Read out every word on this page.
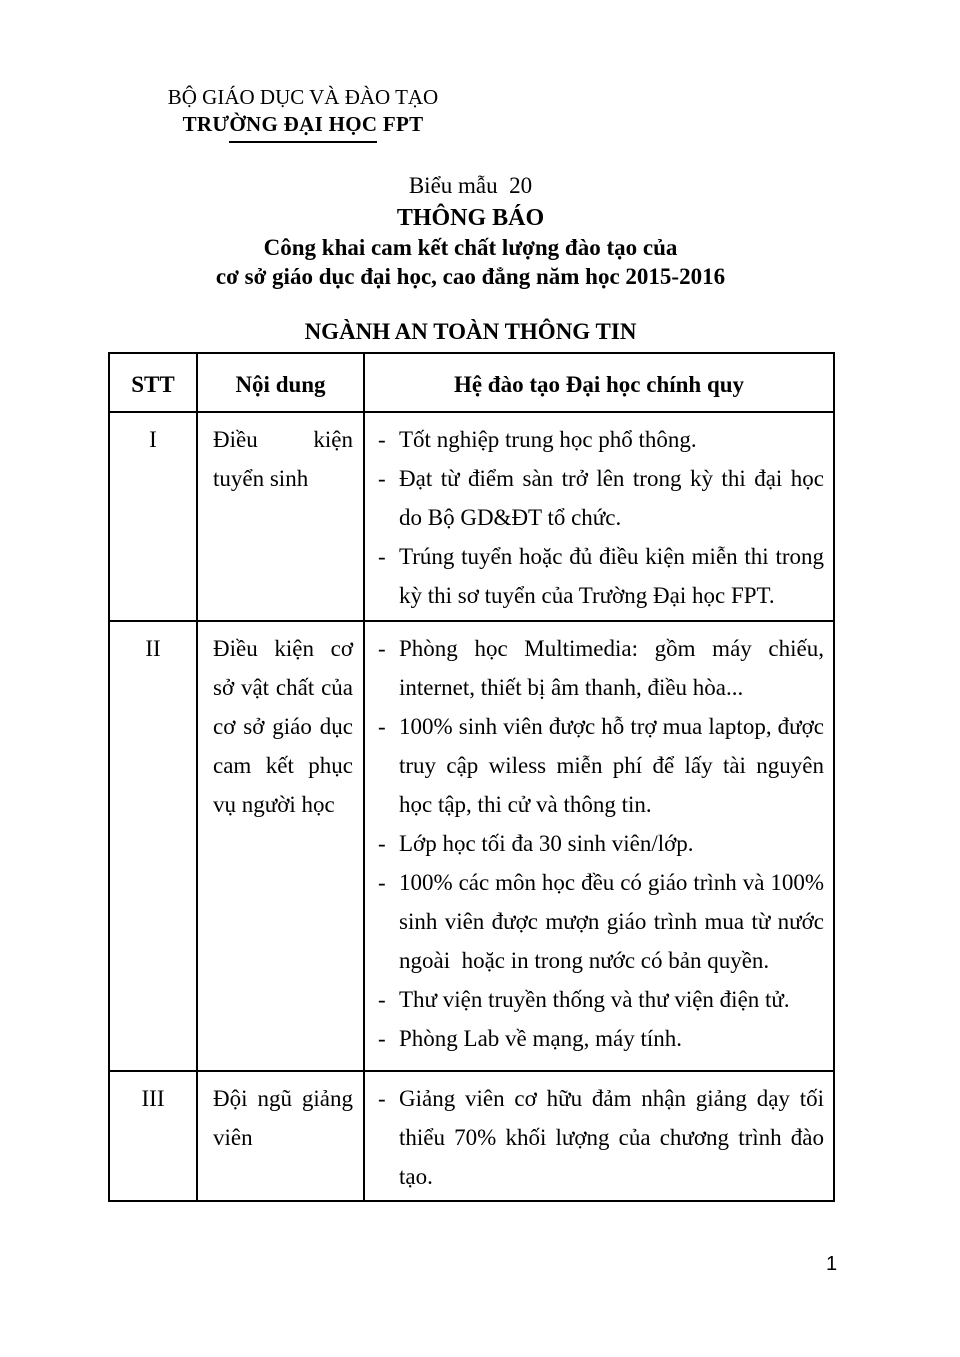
BỘ GIÁO DỤC VÀ ĐÀO TẠO
TRƯỜNG ĐẠI HỌC FPT
Biểu mẫu  20
THÔNG BÁO
Công khai cam kết chất lượng đào tạo của
cơ sở giáo dục đại học, cao đẳng năm học 2015-2016
NGÀNH AN TOÀN THÔNG TIN
STT	Nội dung	Hệ đào tạo Đại học chính quy
I	Điều kiện tuyển sinh	- Tốt nghiệp trung học phổ thông.
- Đạt từ điểm sàn trở lên trong kỳ thi đại học do Bộ GD&ĐT tổ chức.
- Trúng tuyển hoặc đủ điều kiện miễn thi trong kỳ thi sơ tuyển của Trường Đại học FPT.

II	Điều kiện cơ sở vật chất của cơ sở giáo dục cam kết phục vụ người học	
- Phòng học Multimedia: gồm máy chiếu, internet, thiết bị âm thanh, điều hòa...
- 100% sinh viên được hỗ trợ mua laptop, được truy cập wiless miễn phí để lấy tài nguyên học tập, thi cử và thông tin.
- Lớp học tối đa 30 sinh viên/lớp.
- 100% các môn học đều có giáo trình và 100% sinh viên được mượn giáo trình mua từ nước ngoài  hoặc in trong nước có bản quyền.
- Thư viện truyền thống và thư viện điện tử.
- Phòng Lab về mạng, máy tính.

III	Đội ngũ giảng viên	- Giảng viên cơ hữu đảm nhận giảng dạy tối thiểu 70% khối lượng của chương trình đào tạo.
1
